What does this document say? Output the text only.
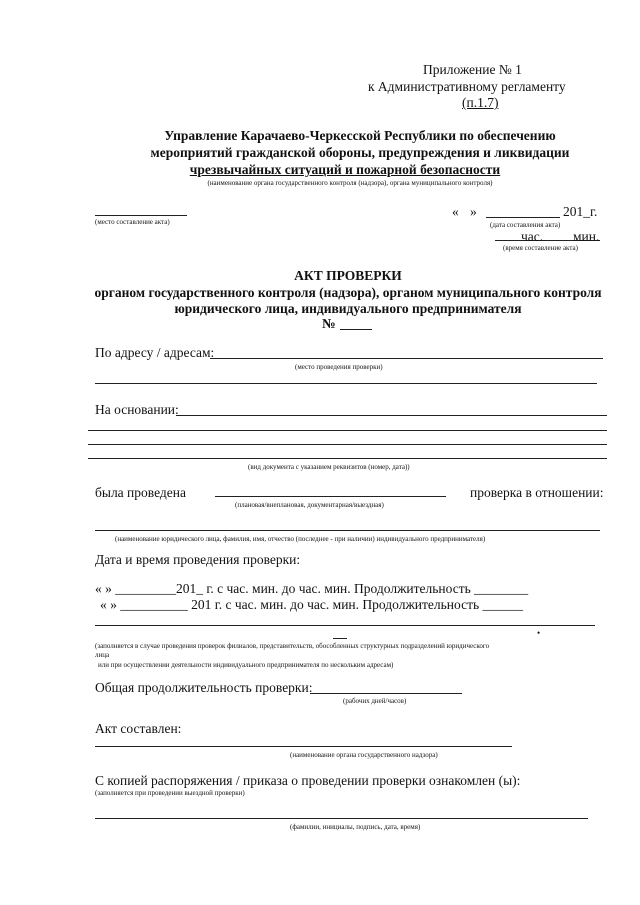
Приложение № 1
к Административному регламенту
(п.1.7)
Управление Карачаево-Черкесской Республики по обеспечению
мероприятий гражданской обороны, предупреждения и ликвидации
чрезвычайных ситуаций и пожарной безопасности
(наименование органа государственного контроля (надзора), органа муниципального контроля)
(место составление акта)
« »	201_г.
(дата составления акта)
час. мин.
(время составление акта)
АКТ ПРОВЕРКИ
органом государственного контроля (надзора), органом муниципального контроля
юридического лица, индивидуального предпринимателя
№
По адресу / адресам:
(место проведения проверки)
На основании:
(вид документа с указанием реквизитов (номер, дата))
была проведена
(плановая/внеплановая, документарная/выездная)
проверка в отношении:
(наименование юридического лица, фамилия, имя, отчество (последнее - при наличии) индивидуального предпринимателя)
Дата и время проведения проверки:
« » _________201_ г. с час. мин. до час. мин. Продолжительность ________
« » __________ 201 г. с час. мин. до час. мин. Продолжительность ______
•
(заполняется в случае проведения проверок филиалов, представительств, обособленных структурных подразделений юридического
лица
или при осуществлении деятельности индивидуального предпринимателя по нескольким адресам)
Общая продолжительность проверки:
(рабочих дней/часов)
Акт составлен:
(наименование органа государственного надзора)
С копией распоряжения / приказа о проведении проверки ознакомлен (ы):
(заполняется при проведении выездной проверки)
(фамилии, инициалы, подпись, дата, время)
